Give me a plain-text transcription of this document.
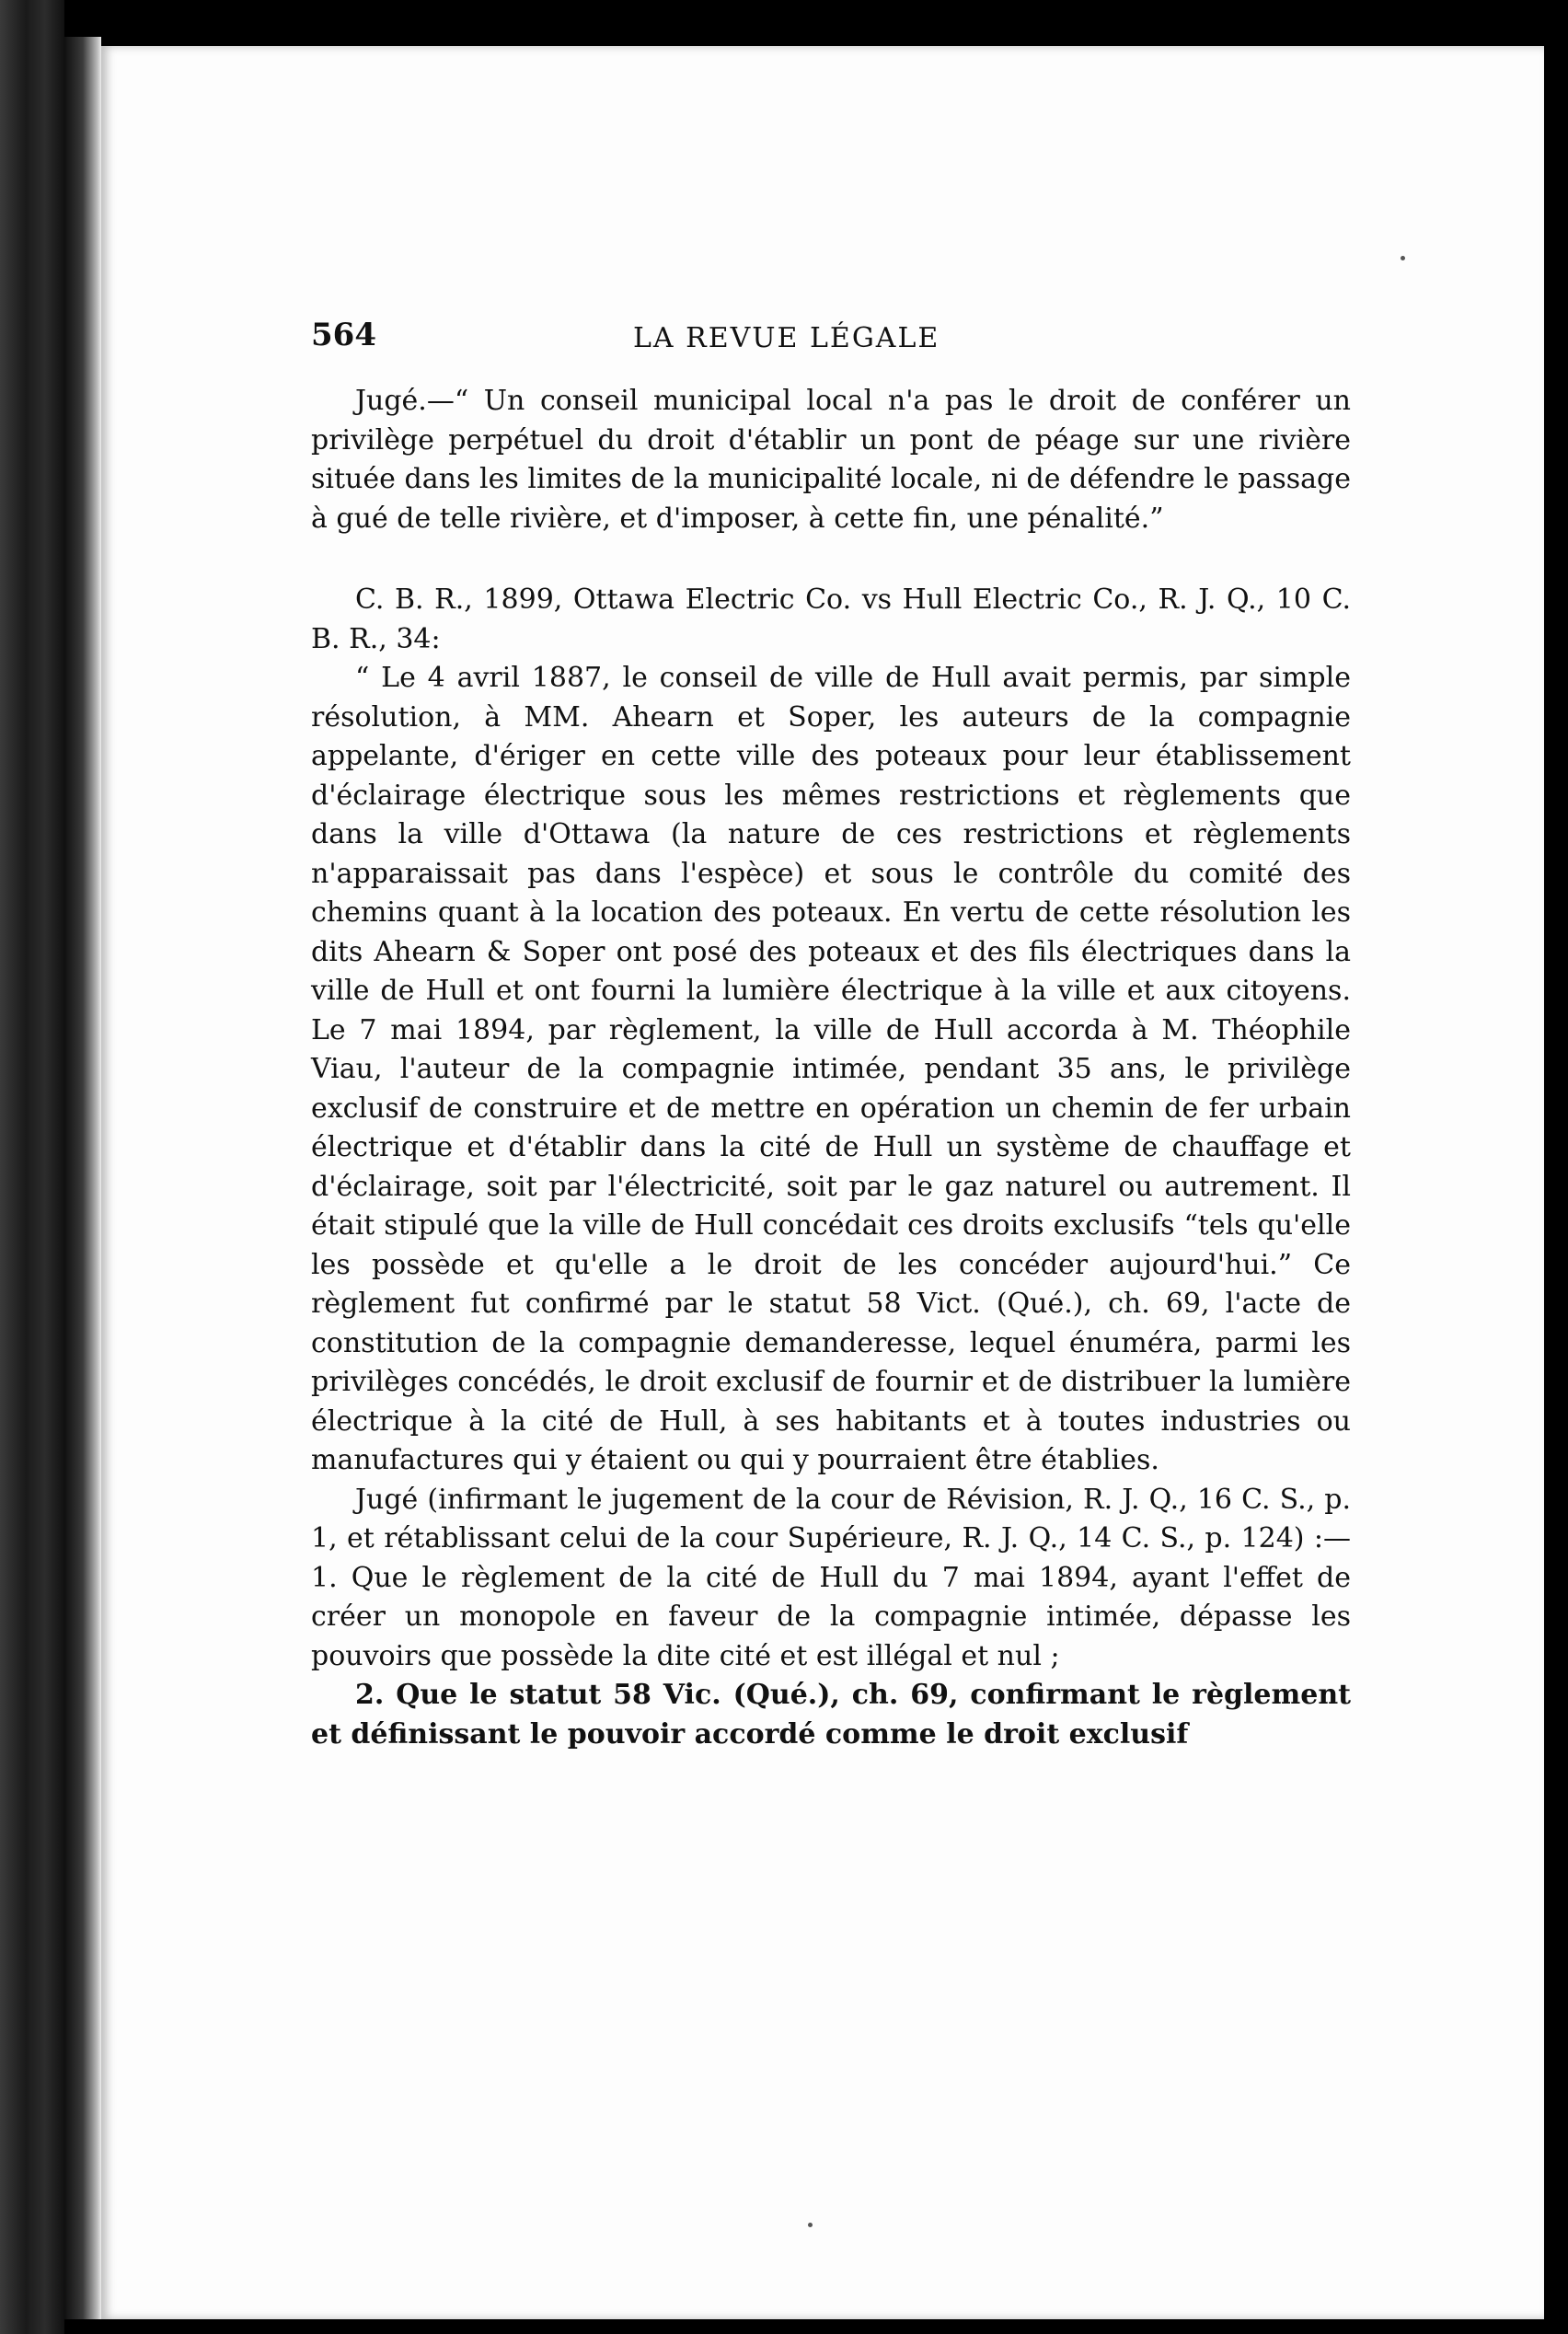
564	LA REVUE LÉGALE

Jugé.—“ Un conseil municipal local n'a pas le droit de conférer un privilège perpétuel du droit d'établir un pont de péage sur une rivière située dans les limites de la municipalité locale, ni de défendre le passage à gué de telle rivière, et d'imposer, à cette fin, une pénalité.”

C. B. R., 1899, Ottawa Electric Co. vs Hull Electric Co., R. J. Q., 10 C. B. R., 34:

“ Le 4 avril 1887, le conseil de ville de Hull avait permis, par simple résolution, à MM. Ahearn et Soper, les auteurs de la compagnie appelante, d'ériger en cette ville des poteaux pour leur établissement d'éclairage électrique sous les mêmes restrictions et règlements que dans la ville d'Ottawa (la nature de ces restrictions et règlements n'apparaissait pas dans l'espèce) et sous le contrôle du comité des chemins quant à la location des poteaux. En vertu de cette résolution les dits Ahearn & Soper ont posé des poteaux et des fils électriques dans la ville de Hull et ont fourni la lumière électrique à la ville et aux citoyens. Le 7 mai 1894, par règlement, la ville de Hull accorda à M. Théophile Viau, l'auteur de la compagnie intimée, pendant 35 ans, le privilège exclusif de construire et de mettre en opération un chemin de fer urbain électrique et d'établir dans la cité de Hull un système de chauffage et d'éclairage, soit par l'électricité, soit par le gaz naturel ou autrement. Il était stipulé que la ville de Hull concédait ces droits exclusifs “tels qu'elle les possède et qu'elle a le droit de les concéder aujourd'hui.” Ce règlement fut confirmé par le statut 58 Vict. (Qué.), ch. 69, l'acte de constitution de la compagnie demanderesse, lequel énuméra, parmi les privilèges concédés, le droit exclusif de fournir et de distribuer la lumière électrique à la cité de Hull, à ses habitants et à toutes industries ou manufactures qui y étaient ou qui y pourraient être établies.

Jugé (infirmant le jugement de la cour de Révision, R. J. Q., 16 C. S., p. 1, et rétablissant celui de la cour Supérieure, R. J. Q., 14 C. S., p. 124) :—1. Que le règlement de la cité de Hull du 7 mai 1894, ayant l'effet de créer un monopole en faveur de la compagnie intimée, dépasse les pouvoirs que possède la dite cité et est illégal et nul ;

2. Que le statut 58 Vic. (Qué.), ch. 69, confirmant le règlement et définissant le pouvoir accordé comme le droit exclusif
